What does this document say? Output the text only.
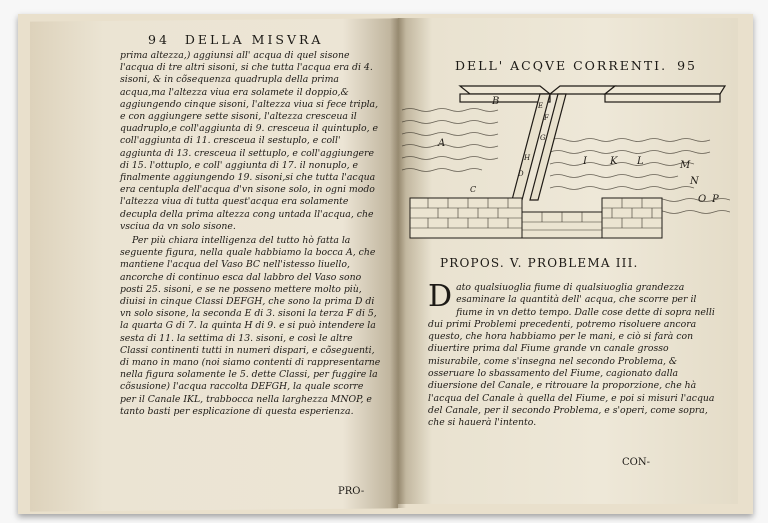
94 DELLA MISVRA

prima altezza,) aggiunsi all' acqua di quel sisone l'acqua di tre altri sisoni, si che tutta l'acqua era di 4. sisoni, & in cõsequenza quadrupla della prima acqua,ma l'altezza viua era solamete il doppio,& aggiungendo cinque sisoni, l'altezza viua si fece tripla, e con aggiungere sette sisoni, l'altezza cresceua il quadruplo,e coll'aggiunta di 9. cresceua il quintuplo, e coll'aggiunta di 11. cresceua il sestuplo, e coll' aggiunta di 13. cresceua il settuplo, e coll'aggiungere di 15. l'ottuplo, e coll' aggiunta di 17. il nonuplo, e finalmente aggiungendo 19. sisoni,si che tutta l'acqua era centupla dell'acqua d'vn sisone solo, in ogni modo l'altezza viua di tutta quest'acqua era solamente decupla della prima altezza cong untada ll'acqua, che vsciua da vn solo sisone.

Per più chiara intelligenza del tutto hò fatta la seguente figura, nella quale habbiamo la bocca A, che mantiene l'acqua del Vaso BC nell'istesso liuello, ancorche di continuo esca dal labbro del Vaso sono posti 25. sisoni, e se ne posseno mettere molto più, diuisi in cinque Classi DEFGH, che sono la prima D di vn solo sisone, la seconda E di 3. sisoni la terza F di 5, la quarta G di 7. la quinta H di 9. e si può intendere la sesta di 11. la settima di 13. sisoni, e così le altre Classi continenti tutti in numeri dispari, e cõseguenti, di mano in mano (noi siamo contenti di rappresentarne nella figura solamente le 5. dette Classi, per fuggire la cõsusione) l'acqua raccolta DEFGH, la quale scorre per il Canale IKL, trabbocca nella larghezza MNOP, e tanto basti per esplicazione di questa esperienza.

PRO-
DELL' ACQVE CORRENTI. 95
B	E
F
G
A
C
D
H	I K L	M
N
O P
PROPOS. V. PROBLEMA III.

Dato qualsiuoglia fiume di qualsiuoglia grandezza esaminare la quantità dell' acqua, che scorre per il fiume in vn detto tempo. Dalle cose dette di sopra nelli dui primi Problemi precedenti, potremo risoluere ancora questo, che hora habbiamo per le mani, e ciò si farà con diuertire prima dal Fiume grande vn canale grosso misurabile, come s'insegna nel secondo Problema, & osseruare lo sbassamento del Fiume, cagionato dalla diuersione del Canale, e ritrouare la proporzione, che hà l'acqua del Canale à quella del Fiume, e poi si misuri l'acqua del Canale, per il secondo Problema, e s'operi, come sopra, che si hauerà l'intento.

CON-
